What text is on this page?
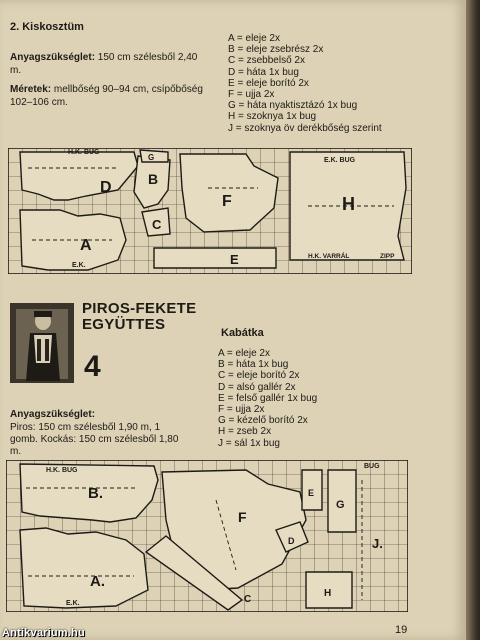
2. Kiskosztüm
Anyagszükséglet: 150 cm szélesből 2,40 m.
Méretek: mellbőség 90–94 cm, csípőbőség 102–106 cm.
A = eleje 2x
B = eleje zsebrész 2x
C = zsebbelső 2x
D = háta 1x bug
E = eleje borító 2x
F = ujja 2x
G = háta nyaktisztázó 1x bug
H = szoknya 1x bug
J = szoknya öv derékbőség szerint
H.K. BUG
D
A
E.K.
B
C
G
F
E
E.K. BUG
H
H.K. VARRÁL	ZIPP
PIROS-FEKETE
EGYÜTTES
4
Kabátka
A = eleje 2x
B = háta 1x bug
C = eleje borító 2x
D = alsó gallér 2x
E = felső gallér 1x bug
F = ujja 2x
G = kézelő borító 2x
H = zseb 2x
J = sál 1x bug
Anyagszükséglet:
Piros: 150 cm szélesből 1,90 m, 1
gomb. Kockás: 150 cm szélesből 1,80
m.
H.K. BUG
B.
A.
E.K.
F
C
D
E
G
H
BUG
J.
19
Antikvarium.hu
